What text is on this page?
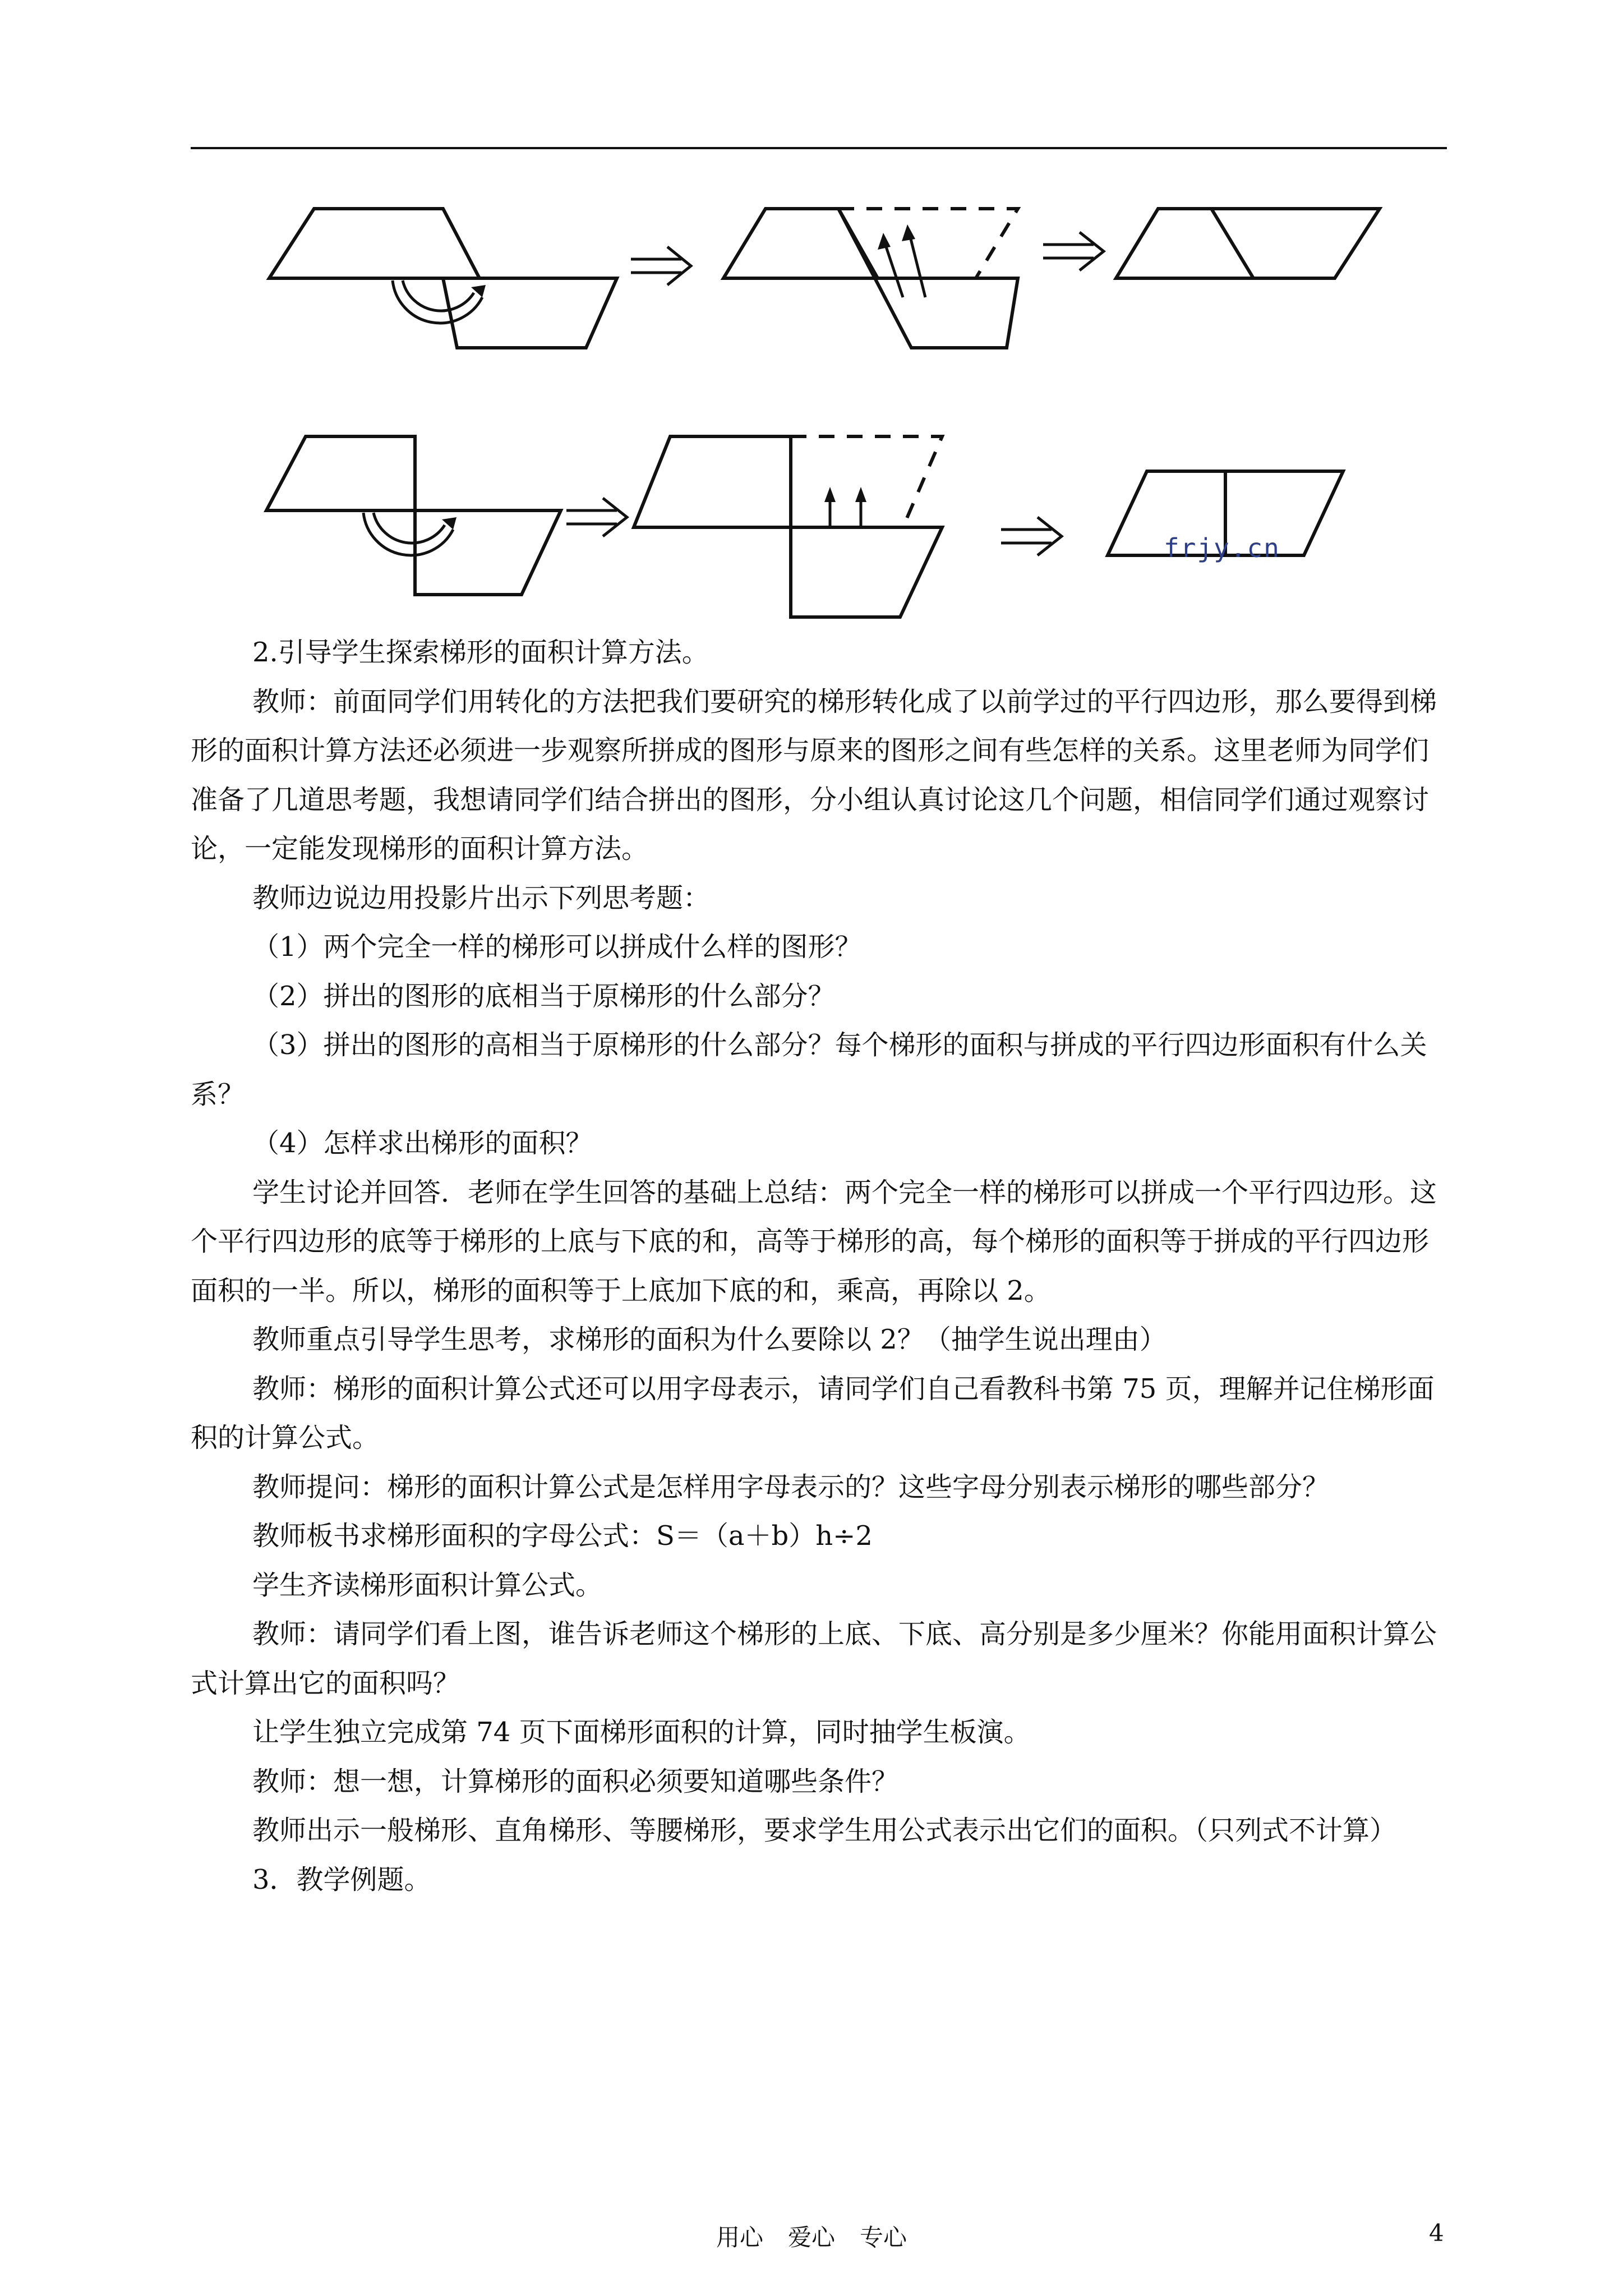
frjy.cn

2.引导学生探索梯形的面积计算方法。

教师：前面同学们用转化的方法把我们要研究的梯形转化成了以前学过的平行四边形，那么要得到梯形的面积计算方法还必须进一步观察所拼成的图形与原来的图形之间有些怎样的关系。这里老师为同学们准备了几道思考题，我想请同学们结合拼出的图形，分小组认真讨论这几个问题，相信同学们通过观察讨论，一定能发现梯形的面积计算方法。

教师边说边用投影片出示下列思考题：

（1）两个完全一样的梯形可以拼成什么样的图形？

（2）拼出的图形的底相当于原梯形的什么部分？

（3）拼出的图形的高相当于原梯形的什么部分？每个梯形的面积与拼成的平行四边形面积有什么关系？

（4）怎样求出梯形的面积？

学生讨论并回答．老师在学生回答的基础上总结：两个完全一样的梯形可以拼成一个平行四边形。这个平行四边形的底等于梯形的上底与下底的和，高等于梯形的高，每个梯形的面积等于拼成的平行四边形面积的一半。所以，梯形的面积等于上底加下底的和，乘高，再除以 2。

教师重点引导学生思考，求梯形的面积为什么要除以 2？（抽学生说出理由）

教师：梯形的面积计算公式还可以用字母表示，请同学们自己看教科书第 75 页，理解并记住梯形面积的计算公式。

教师提问：梯形的面积计算公式是怎样用字母表示的？这些字母分别表示梯形的哪些部分？

教师板书求梯形面积的字母公式：S＝（a＋b）h÷2

学生齐读梯形面积计算公式。

教师：请同学们看上图，谁告诉老师这个梯形的上底、下底、高分别是多少厘米？你能用面积计算公式计算出它的面积吗？

让学生独立完成第 74 页下面梯形面积的计算，同时抽学生板演。

教师：想一想，计算梯形的面积必须要知道哪些条件？

教师出示一般梯形、直角梯形、等腰梯形，要求学生用公式表示出它们的面积。（只列式不计算）

3．教学例题。

用心 爱心 专心	4
